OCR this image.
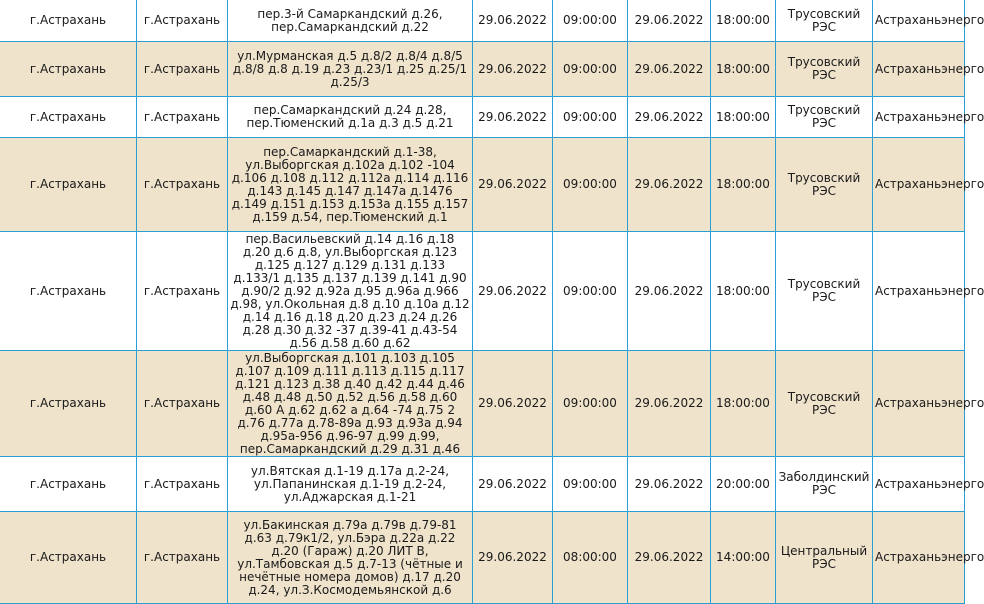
г.Астрахань	г.Астрахань	пер.3-й Самаркандский д.26, пер.Самаркандский д.22	29.06.2022	09:00:00	29.06.2022	18:00:00	Трусовский РЭС	Астраханьэнерго
г.Астрахань	г.Астрахань	ул.Мурманская д.5 д.8/2 д.8/4 д.8/5 д.8/8 д.8 д.19 д.23 д.23/1 д.25 д.25/1 д.25/3	29.06.2022	09:00:00	29.06.2022	18:00:00	Трусовский РЭС	Астраханьэнерго
г.Астрахань	г.Астрахань	пер.Самаркандский д.24 д.28, пер.Тюменский д.1а д.3 д.5 д.21	29.06.2022	09:00:00	29.06.2022	18:00:00	Трусовский РЭС	Астраханьэнерго
г.Астрахань	г.Астрахань	пер.Самаркандский д.1-38, ул.Выборгская д.102а д.102 -104 д.106 д.108 д.112 д.112а д.114 д.116 д.143 д.145 д.147 д.147а д.1476 д.149 д.151 д.153 д.153а д.155 д.157 д.159 д.54, пер.Тюменский д.1	29.06.2022	09:00:00	29.06.2022	18:00:00	Трусовский РЭС	Астраханьэнерго
г.Астрахань	г.Астрахань	пер.Васильевский д.14 д.16 д.18 д.20 д.6 д.8, ул.Выборгская д.123 д.125 д.127 д.129 д.131 д.133 д.133/1 д.135 д.137 д.139 д.141 д.90 д.90/2 д.92 д.92а д.95 д.96а д.966 д.98, ул.Окольная д.8 д.10 д.10а д.12 д.14 д.16 д.18 д.20 д.23 д.24 д.26 д.28 д.30 д.32 -37 д.39-41 д.43-54 д.56 д.58 д.60 д.62	29.06.2022	09:00:00	29.06.2022	18:00:00	Трусовский РЭС	Астраханьэнерго
г.Астрахань	г.Астрахань	ул.Выборгская д.101 д.103 д.105 д.107 д.109 д.111 д.113 д.115 д.117 д.121 д.123 д.38 д.40 д.42 д.44 д.46 д.48 д.48 д.50 д.52 д.56 д.58 д.60 д.60 А д.62 д.62 а д.64 -74 д.75 2 д.76 д.77а д.78-89а д.93 д.93а д.94 д.95а-956 д.96-97 д.99 д.99, пер.Самаркандский д.29 д.31 д.46	29.06.2022	09:00:00	29.06.2022	18:00:00	Трусовский РЭС	Астраханьэнерго
г.Астрахань	г.Астрахань	ул.Вятская д.1-19 д.17а д.2-24, ул.Папанинская д.1-19 д.2-24, ул.Аджарская д.1-21	29.06.2022	09:00:00	29.06.2022	20:00:00	Заболдинский РЭС	Астраханьэнерго
г.Астрахань	г.Астрахань	ул.Бакинская д.79а д.79в д.79-81 д.63 д.79к1/2, ул.Бэра д.22а д.22 д.20 (Гараж) д.20 ЛИТ В, ул.Тамбовская д.5 д.7-13 (чётные и нечётные номера домов) д.17 д.20 д.24, ул.З.Космодемьянской д.6	29.06.2022	08:00:00	29.06.2022	14:00:00	Центральный РЭС	Астраханьэнерго
